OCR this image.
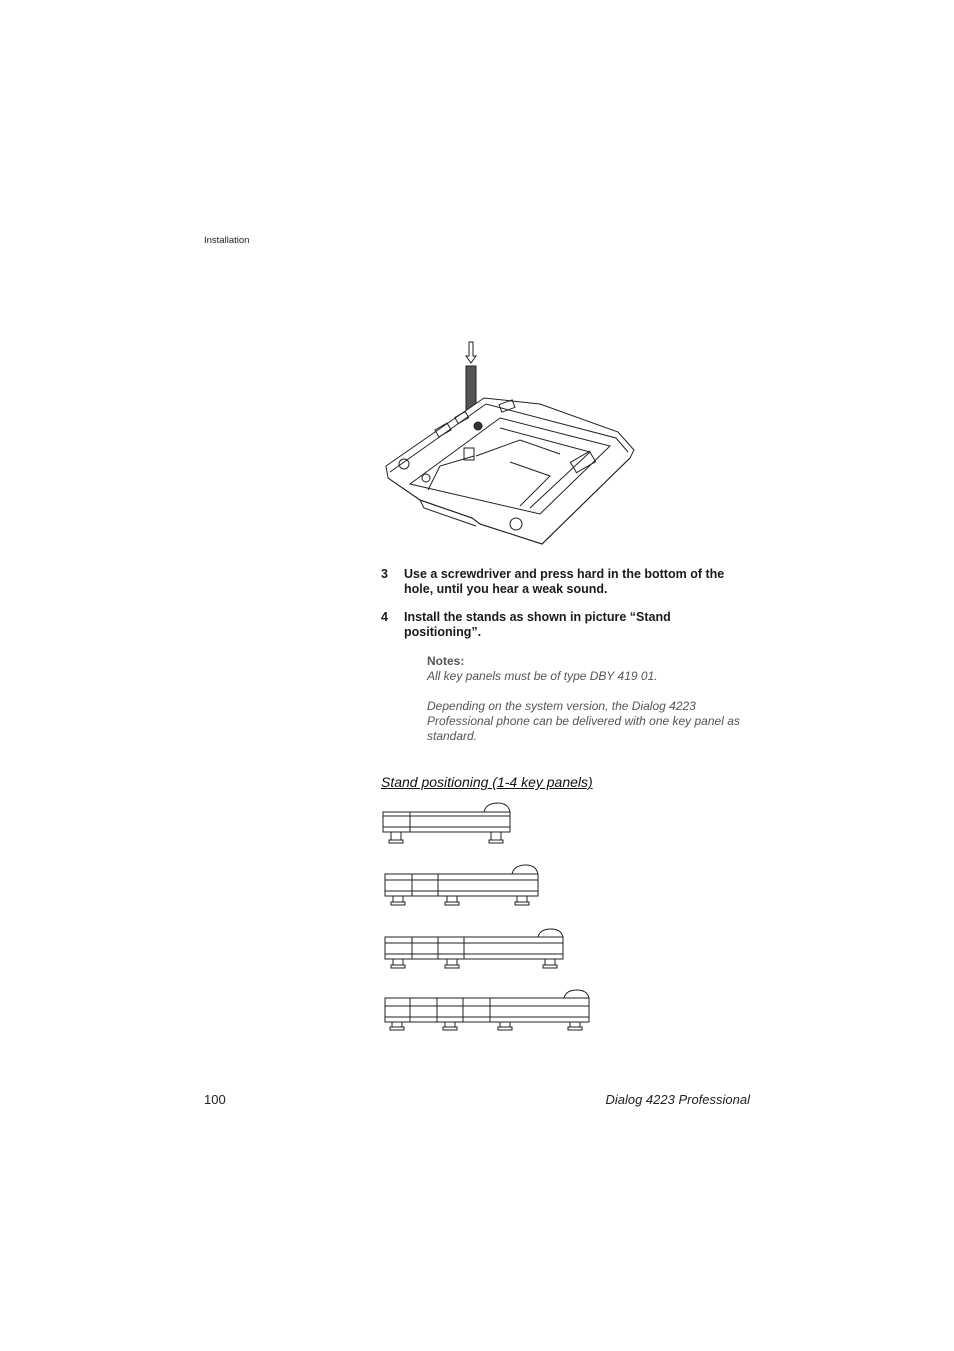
Installation
3 Use a screwdriver and press hard in the bottom of the hole, until you hear a weak sound.
4 Install the stands as shown in picture “Stand positioning”.
Notes:
All key panels must be of type DBY 419 01.
Depending on the system version, the Dialog 4223 Professional phone can be delivered with one key panel as standard.
Stand positioning (1-4 key panels)
100	Dialog 4223 Professional
